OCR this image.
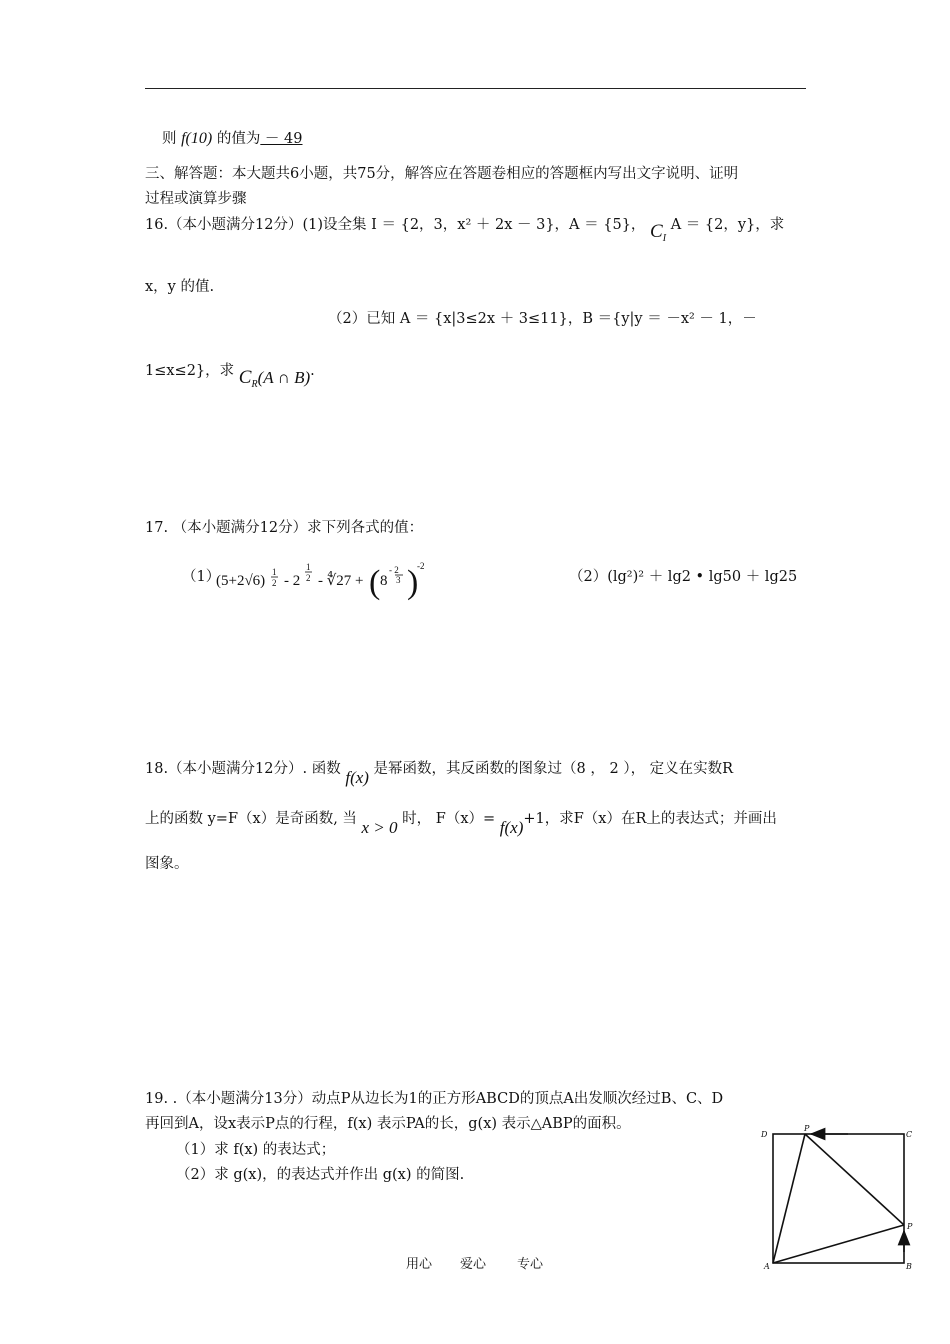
则 f(10) 的值为 － 49
三、解答题：本大题共6小题，共75分，解答应在答题卷相应的答题框内写出文字说明、证明
过程或演算步骤
16.（本小题满分12分）(1)设全集 I ＝ {2，3，x² ＋ 2x － 3}，A ＝ {5}， $C_I$ A ＝ {2，y}，求
x，y 的值.
（2）已知 A ＝ {x|3≤2x ＋ 3≤11}，B ＝{y|y ＝ －x² － 1，－
1≤x≤2}，求 $C_R(A$ ∩ B).
17. （本小题满分12分）求下列各式的值：
（1）
(5+2√6)
1
2 - 2
1
2 - ∜27 + ( 8
- 2
3 )
-2
（2）(lg²)² ＋ lg2 • lg50 ＋ lg25
18.（本小题满分12分）. 函数 f(x) 是幂函数，其反函数的图象过（8 ， 2 ）， 定义在实数R
上的函数 y=F（x）是奇函数, 当 x > 0 时， F（x）= f(x)+1，求F（x）在R上的表达式；并画出
图象。
19. .（本小题满分13分）动点P从边长为1的正方形ABCD的顶点A出发顺次经过B、C、D
再回到A，设x表示P点的行程，f(x) 表示PA的长，g(x) 表示△ABP的面积。
（1）求 f(x) 的表达式；
（2）求 g(x)，的表达式并作出 g(x) 的简图.
D	C
A	B
P
P
用心 爱心 专心
